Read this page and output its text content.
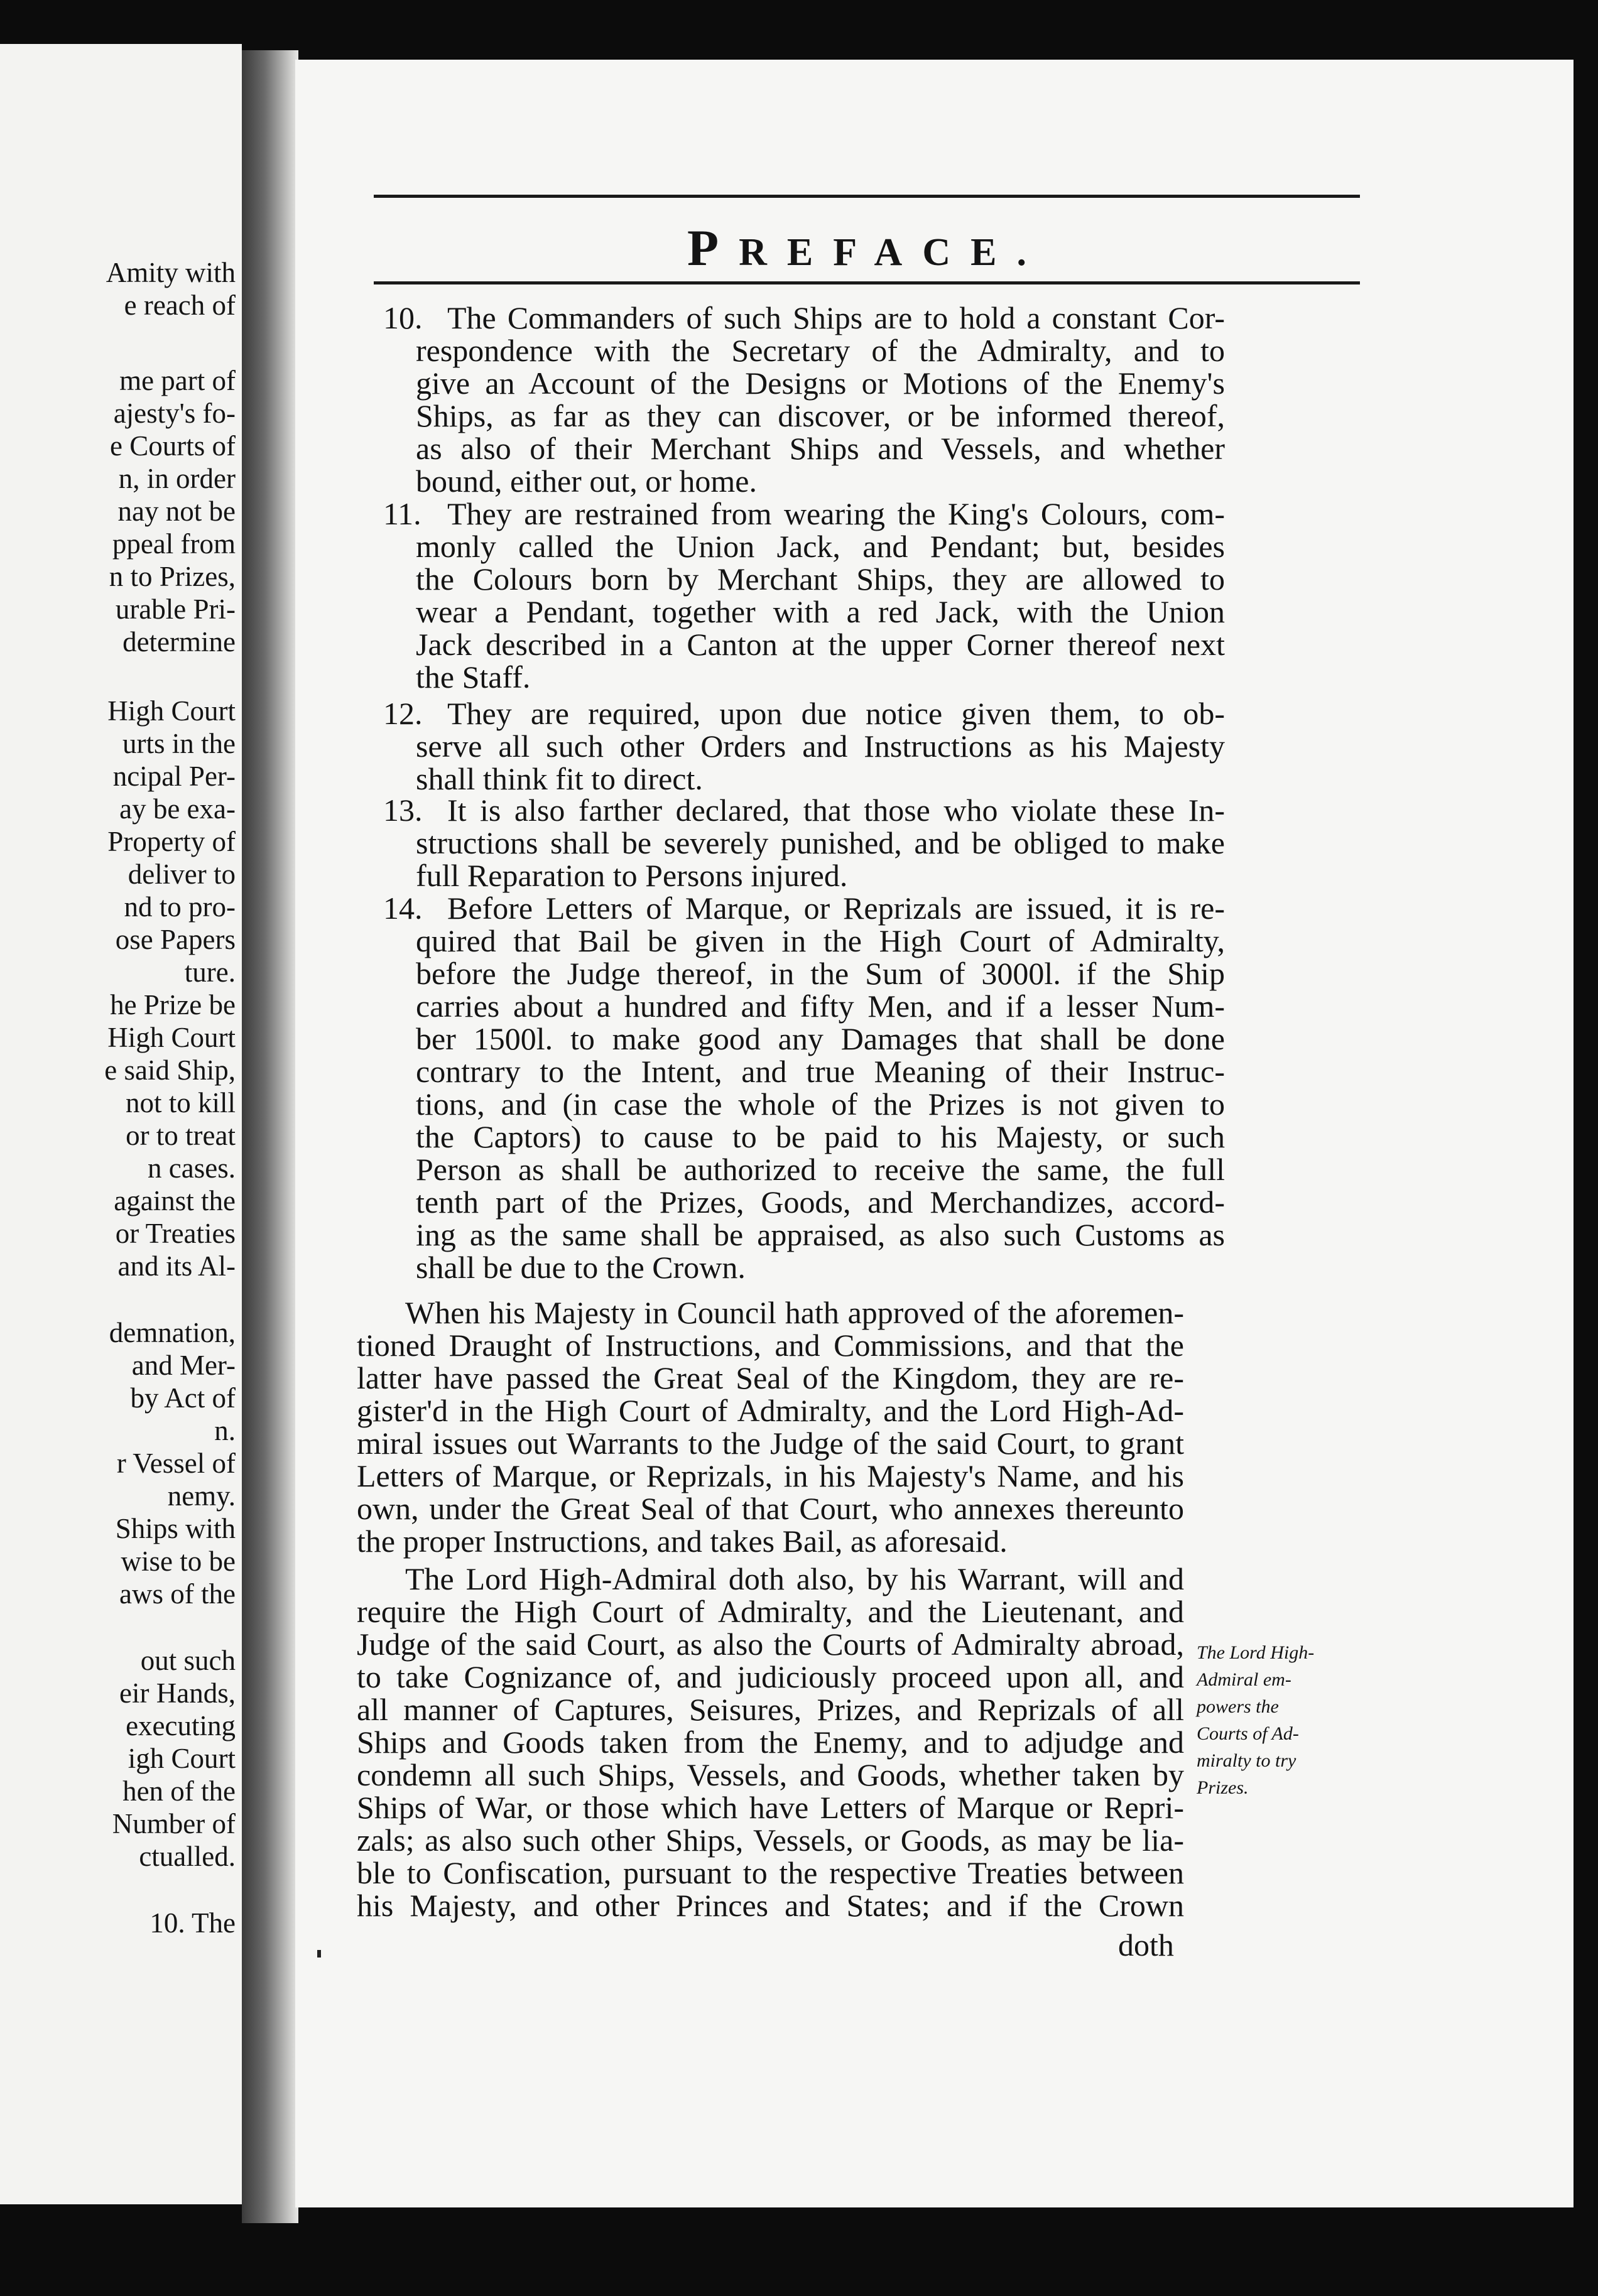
Amity with
e reach of
me part of
ajesty's fo-
e Courts of
n, in order
nay not be
ppeal from
n to Prizes,
urable Pri-
determine
High Court
urts in the
ncipal Per-
ay be exa-
Property of
deliver to
nd to pro-
ose Papers
ture.
he Prize be
High Court
e said Ship,
not to kill
or to treat
n cases.
against the
or Treaties
and its Al-
demnation,
and Mer-
by Act of
n.
r Vessel of
nemy.
Ships with
wise to be
aws of the
out such
eir Hands,
executing
igh Court
hen of the
Number of
ctualled.
10. The
PREFACE.
10. The Commanders of such Ships are to hold a constant Cor-
respondence with the Secretary of the Admiralty, and to
give an Account of the Designs or Motions of the Enemy's
Ships, as far as they can discover, or be informed thereof,
as also of their Merchant Ships and Vessels, and whether
bound, either out, or home.
11. They are restrained from wearing the King's Colours, com-
monly called the Union Jack, and Pendant; but, besides
the Colours born by Merchant Ships, they are allowed to
wear a Pendant, together with a red Jack, with the Union
Jack described in a Canton at the upper Corner thereof next
the Staff.
12. They are required, upon due notice given them, to ob-
serve all such other Orders and Instructions as his Majesty
shall think fit to direct.
13. It is also farther declared, that those who violate these In-
structions shall be severely punished, and be obliged to make
full Reparation to Persons injured.
14. Before Letters of Marque, or Reprizals are issued, it is re-
quired that Bail be given in the High Court of Admiralty,
before the Judge thereof, in the Sum of 3000l. if the Ship
carries about a hundred and fifty Men, and if a lesser Num-
ber 1500l. to make good any Damages that shall be done
contrary to the Intent, and true Meaning of their Instruc-
tions, and (in case the whole of the Prizes is not given to
the Captors) to cause to be paid to his Majesty, or such
Person as shall be authorized to receive the same, the full
tenth part of the Prizes, Goods, and Merchandizes, accord-
ing as the same shall be appraised, as also such Customs as
shall be due to the Crown.
When his Majesty in Council hath approved of the aforemen-
tioned Draught of Instructions, and Commissions, and that the
latter have passed the Great Seal of the Kingdom, they are re-
gister'd in the High Court of Admiralty, and the Lord High-Ad-
miral issues out Warrants to the Judge of the said Court, to grant
Letters of Marque, or Reprizals, in his Majesty's Name, and his
own, under the Great Seal of that Court, who annexes thereunto
the proper Instructions, and takes Bail, as aforesaid.
The Lord High-Admiral doth also, by his Warrant, will and
require the High Court of Admiralty, and the Lieutenant, and
Judge of the said Court, as also the Courts of Admiralty abroad,
to take Cognizance of, and judiciously proceed upon all, and
all manner of Captures, Seisures, Prizes, and Reprizals of all
Ships and Goods taken from the Enemy, and to adjudge and
condemn all such Ships, Vessels, and Goods, whether taken by
Ships of War, or those which have Letters of Marque or Repri-
zals; as also such other Ships, Vessels, or Goods, as may be lia-
ble to Confiscation, pursuant to the respective Treaties between
his Majesty, and other Princes and States; and if the Crown
The Lord High-
Admiral em-
powers the
Courts of Ad-
miralty to try
Prizes.
doth
